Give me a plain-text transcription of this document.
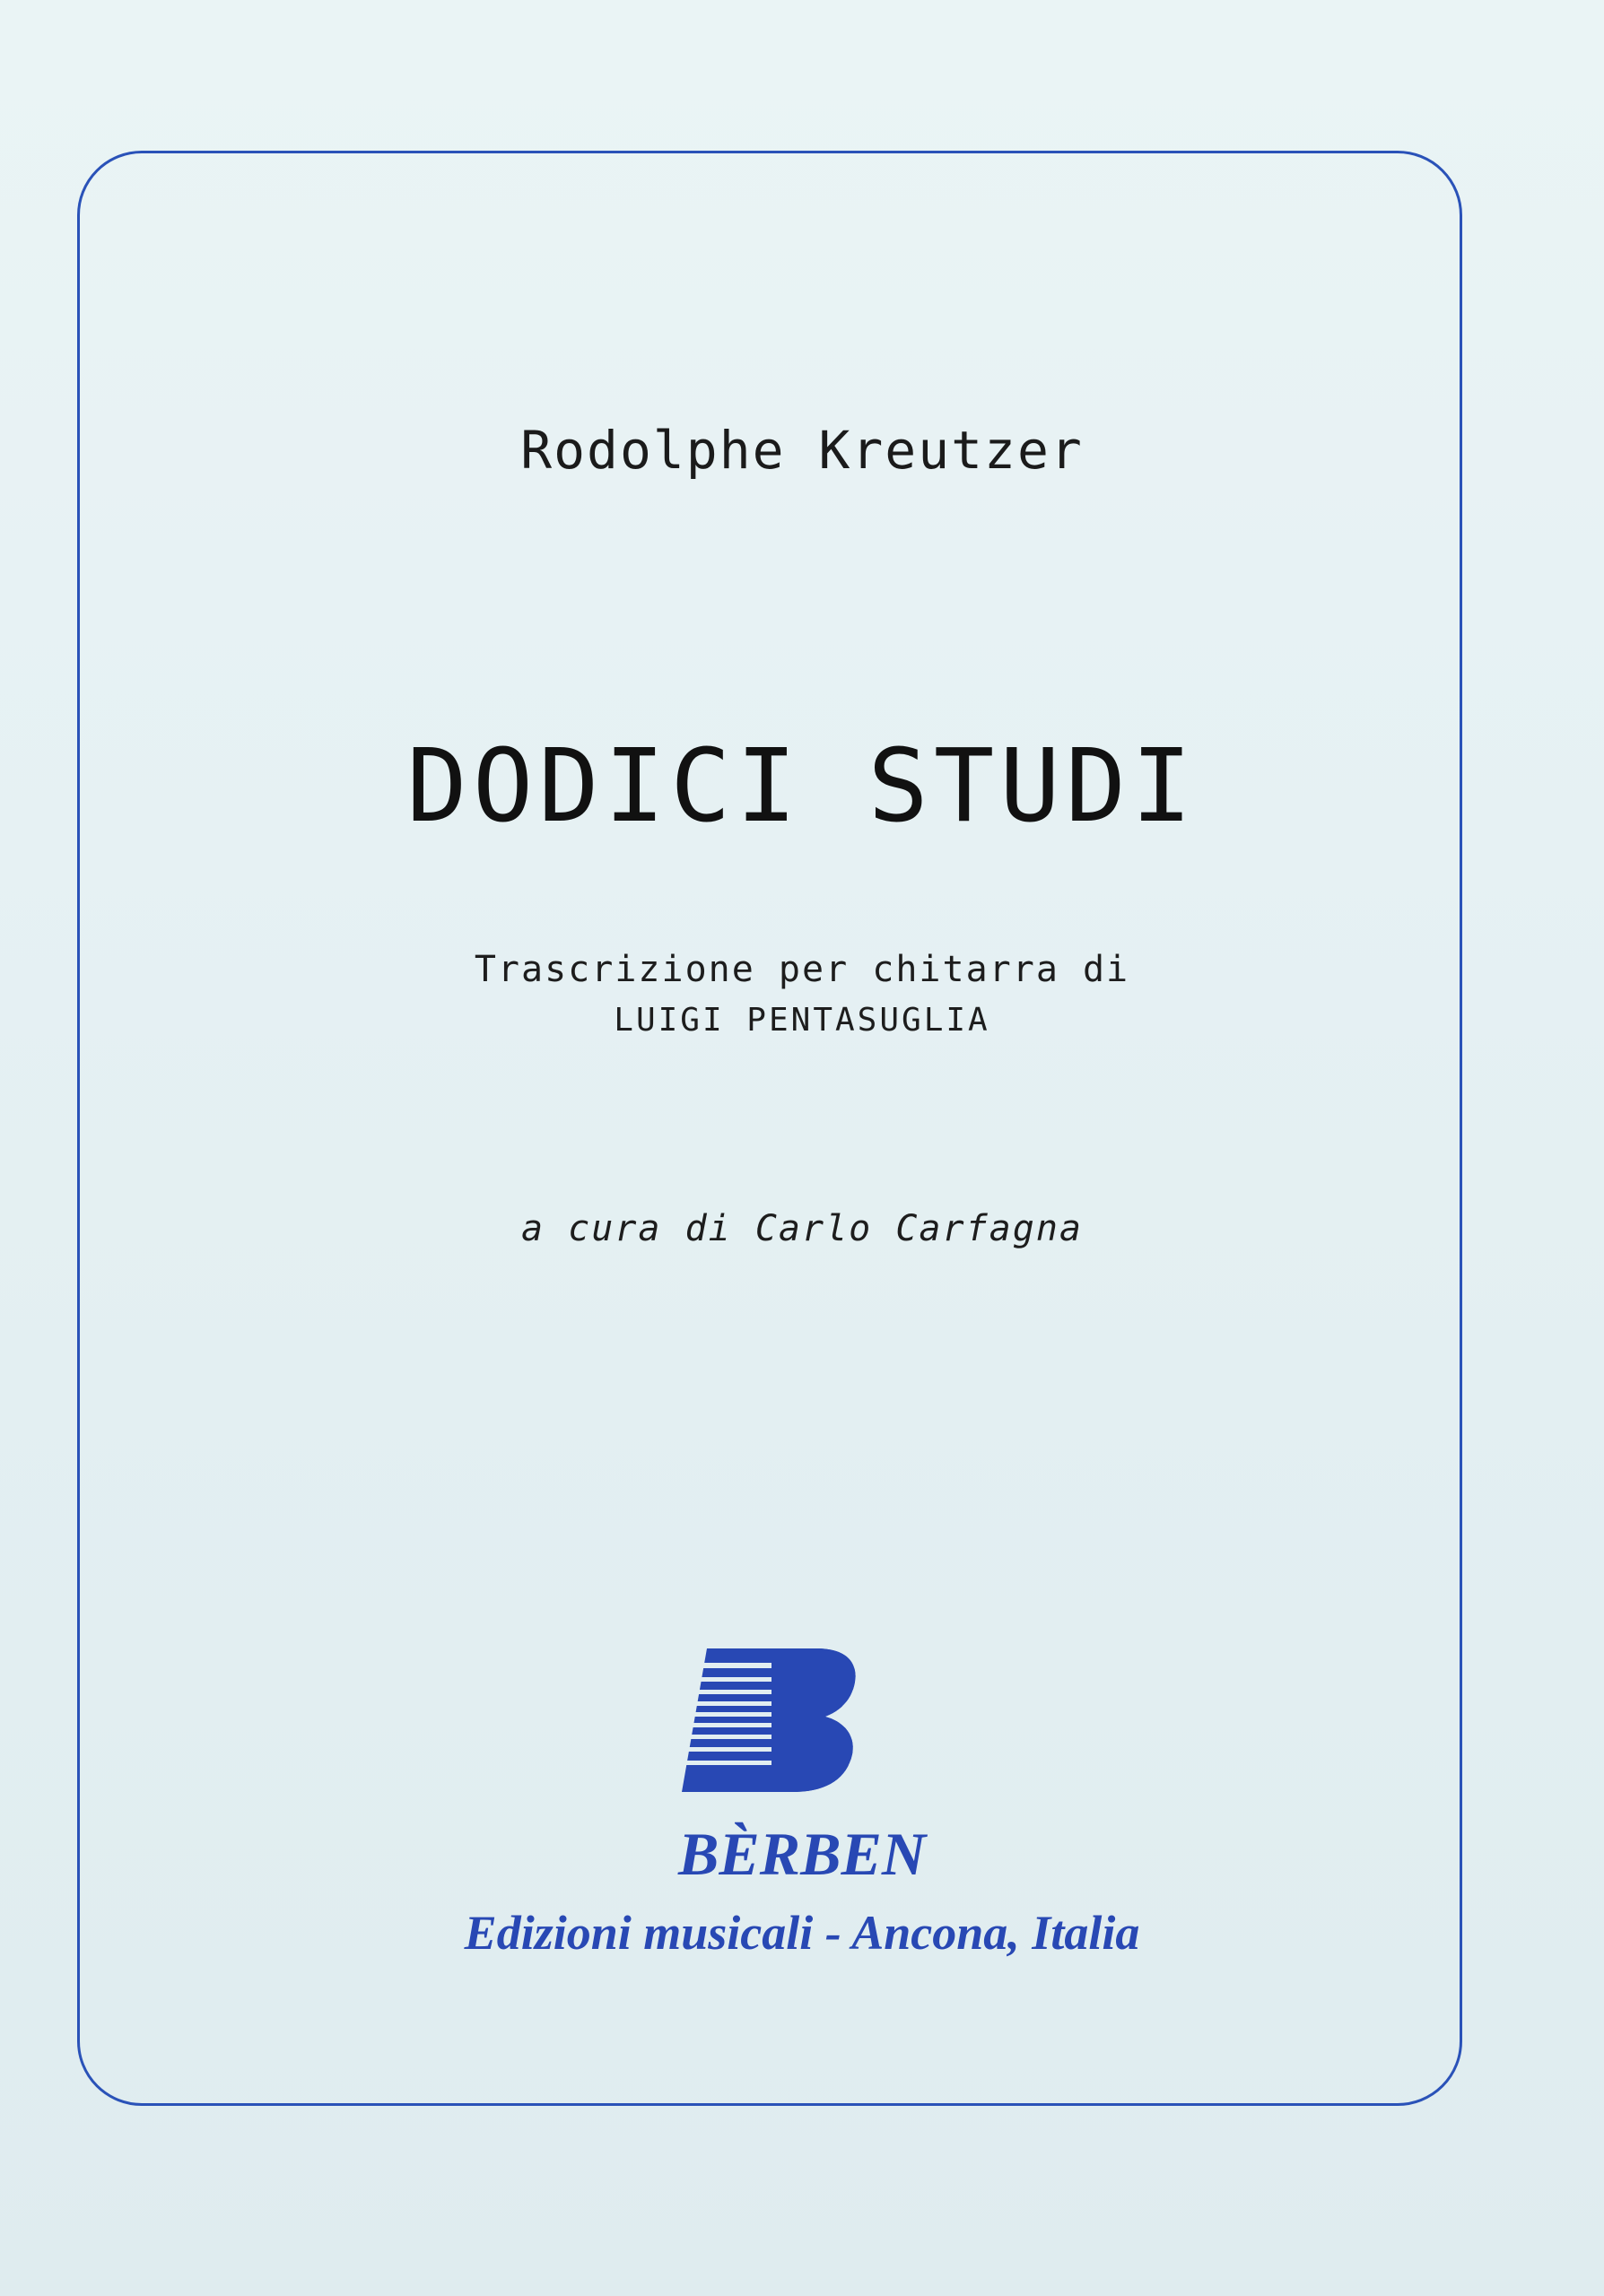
Rodolphe Kreutzer
DODICI STUDI
Trascrizione per chitarra di
LUIGI PENTASUGLIA
a cura di Carlo Carfagna
BÈRBEN
Edizioni musicali - Ancona, Italia
